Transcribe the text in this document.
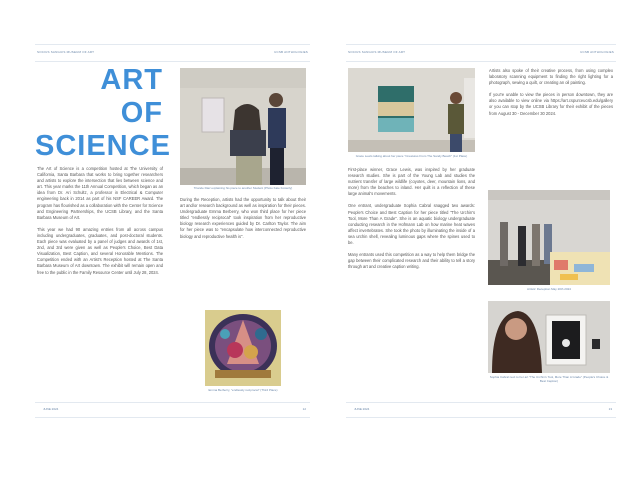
SOCIUS SANGUIS MUSEUM OF ART	UCSB ANTHOLOGIES
ART
OF
SCIENCE

The Art of Science is a competition hosted at The University of California, Santa Barbara that works to bring together researchers and artists to explore the intersection that lies between science and art. This year marks the 11th Annual Competition, which began as an idea from Dr. Ari Schultz, a professor in Electrical & Computer engineering back in 2014 as part of his NSF CAREER Award. The program has flourished as a collaboration with the Center for Science and Engineering Partnerships, the UCSB Library, and the Santa Barbara Museum of Art.

This year we had 90 amazing entries from all across campus including undergraduates, graduates, and post-doctoral students. Each piece was evaluated by a panel of judges and awards of 1st, 2nd, and 3rd were given as well as People's Choice, Best Data Visualization, Best Caption, and several Honorable Mentions. The Competition ended with an Artist's Reception hosted at The Santa Barbara Museum of Art downtown. The exhibit will remain open and free to the public in the Family Resource Center until July 28, 2024.

Triande Diaz explaining his piece to another Student (Photo Kate Fosterly)

During the Reception, artists had the opportunity to talk about their art and/or research background as well as inspiration for their pieces. Undergraduate Emma Berberry, who won third place for her piece titled "endlessly reciprocal" took inspiration from her reproductive biology research experiences guided by Dr. Carlton Taylor. The aim for her piece was to "encapsulate how interconnected reproductive biology and reproductive health is".

Emma Berberry, "endlessly reciprocal" (Third Place)
JUNE 2024	12
SOCIUS SANGUIS MUSEUM OF ART	UCSB ANTHOLOGIES
Grace Lewis talking about her piece "Creatures From The Sandy Beach" (1st Place)

First-place winner, Grace Lewis, was inspired by her graduate research studies. She is part of the Young Lab and studies the nutrient transfer of large wildlife (coyotes, deer, mountain lions, and more) from the beaches to inland. Her quilt is a reflection of these large animal's movements.

One entrant, undergraduate Sophia Cabral snagged two awards: People's Choice and Best Caption for her piece titled "The Urchin's Tool, More Than A Grade". She is an aquatic biology undergraduate conducting research in the Hofmann Lab on how marine heat waves affect invertebrates. She took the photo by illuminating the inside of a sea urchin shell, revealing luminous gaps where the spines used to be.

Many entrants used this competition as a way to help them bridge the gap between their complicated research and their ability to tell a story through art and creative caption writing.

Artists also spoke of their creative process, from using complex laboratory scanning equipment to finding the right lighting for a photograph, sewing a quilt, or creating an oil painting.

If you're unable to view the pieces in person downtown, they are also available to view online via https://art.cspurceucsb.edu/gallery or you can stop by the UCSB Library for their exhibit of the pieces from August 30 - December 30 2024.

Artists' Reception May 20th 2024
Sophia Cabral next to her art "The Urchin's Tool, More Than A Grade" (People's Choice & Best Caption)
JUNE 2024	13
